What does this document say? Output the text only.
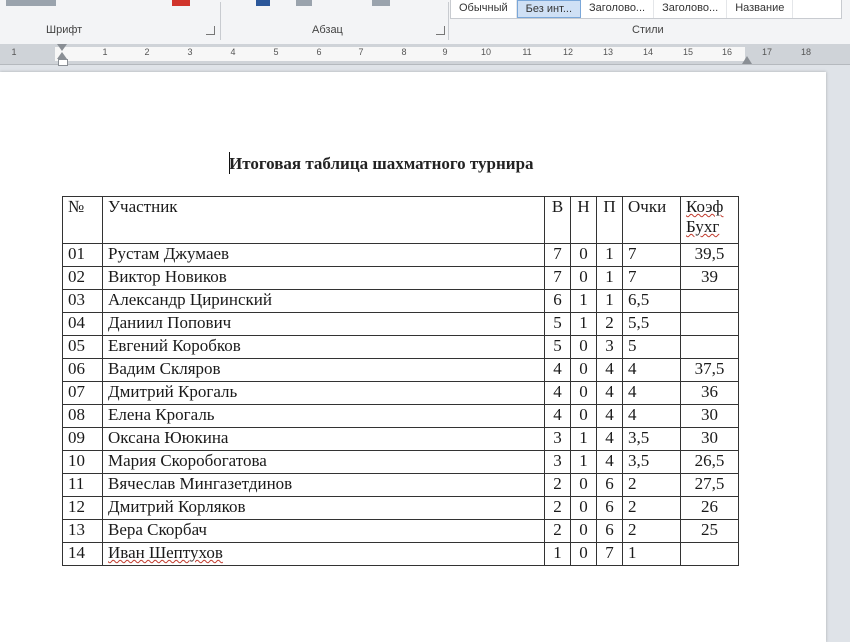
Шрифт	Абзац
Обычный	Без инт...	Заголово...	Заголово...	Название
Стили
1	1	2	3	4	5	6	7	8	9	10	11	12	13	14	15	16	17	18
Итоговая таблица шахматного турнира
№	Участник	В	Н	П	Очки	Коэф
Бухг
01	Рустам Джумаев	7	0	1	7	39,5
02	Виктор Новиков	7	0	1	7	39
03	Александр Циринский	6	1	1	6,5	
04	Даниил Попович	5	1	2	5,5	
05	Евгений Коробков	5	0	3	5	
06	Вадим Скляров	4	0	4	4	37,5
07	Дмитрий Крогаль	4	0	4	4	36
08	Елена Крогаль	4	0	4	4	30
09	Оксана Ююкина	3	1	4	3,5	30
10	Мария Скоробогатова	3	1	4	3,5	26,5
11	Вячеслав Мингазетдинов	2	0	6	2	27,5
12	Дмитрий Корляков	2	0	6	2	26
13	Вера Скорбач	2	0	6	2	25
14	Иван Шептухов	1	0	7	1	
